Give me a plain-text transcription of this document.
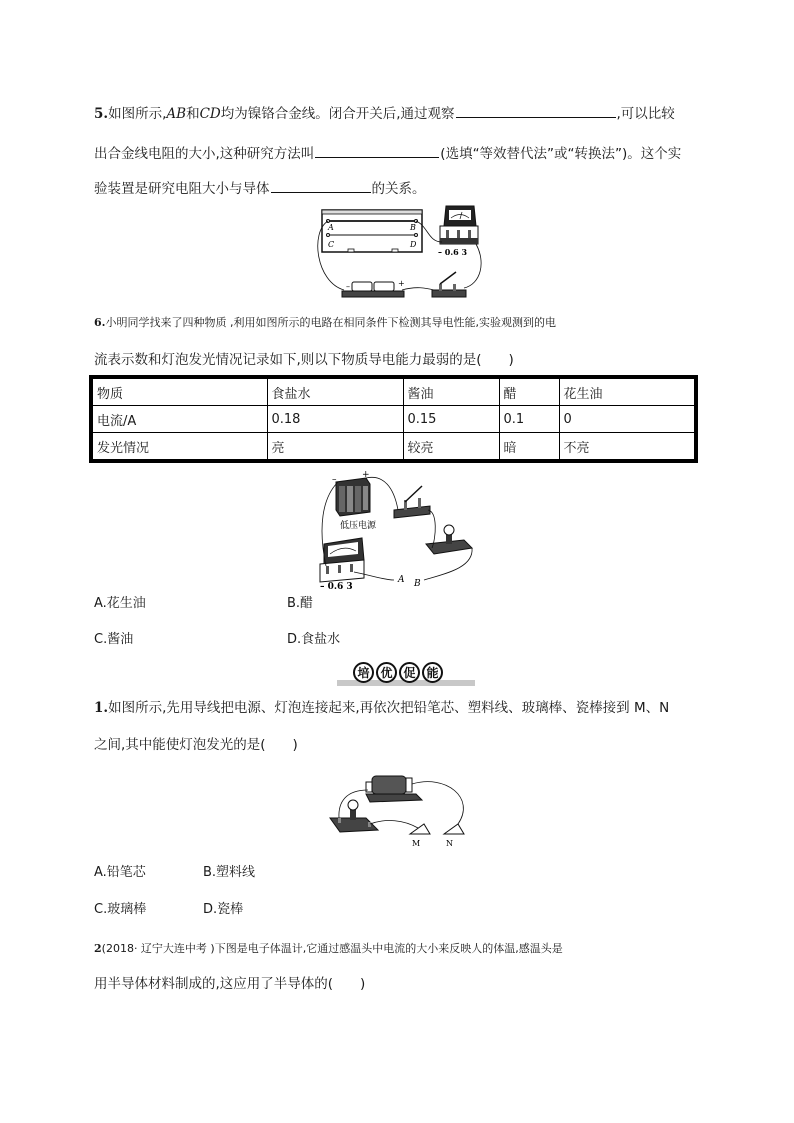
5.如图所示,AB和CD均为镍铬合金线。闭合开关后,通过观察	,可以比较
出合金线电阻的大小,这种研究方法叫	(选填“等效替代法”或“转换法”)。这个实
验装置是研究电阻大小与导体	的关系。
A	B
C	D
– 0.6 3
–	+
6.小明同学找来了四种物质 ,利用如图所示的电路在相同条件下检测其导电性能,实验观测到的电
流表示数和灯泡发光情况记录如下,则以下物质导电能力最弱的是(　　)
物质	食盐水	酱油	醋	花生油
电流/A	0.18	0.15	0.1	0
发光情况	亮	较亮	暗	不亮
–	+
低压电源
– 0.6 3
A B
A.花生油	B.醋
C.酱油	D.食盐水
培 优 促 能
1.如图所示,先用导线把电源、灯泡连接起来,再依次把铅笔芯、塑料线、玻璃棒、瓷棒接到 M、N
之间,其中能使灯泡发光的是(　　)
M	N
A.铅笔芯	B.塑料线
C.玻璃棒	D.瓷棒
2(2018· 辽宁大连中考 )下图是电子体温计,它通过感温头中电流的大小来反映人的体温,感温头是
用半导体材料制成的,这应用了半导体的(　　)
